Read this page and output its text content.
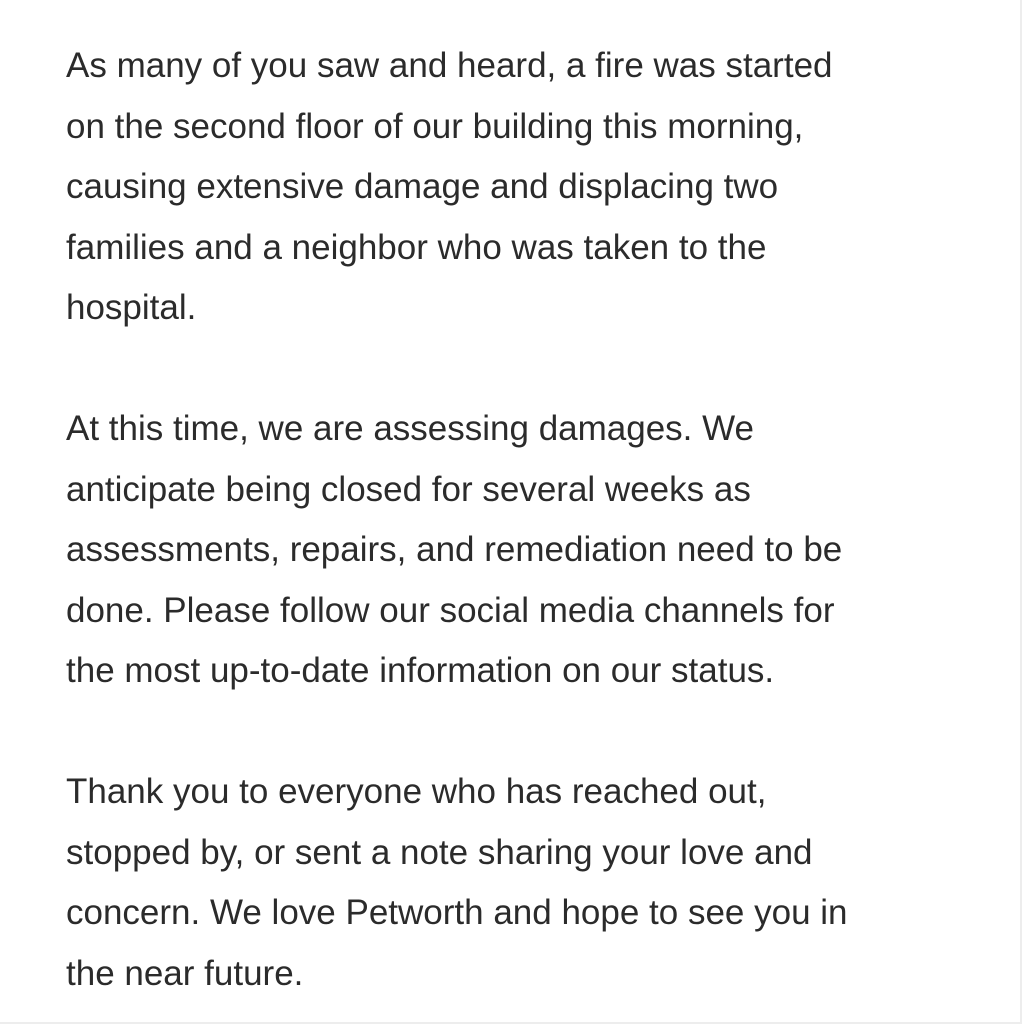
As many of you saw and heard, a fire was started
on the second floor of our building this morning,
causing extensive damage and displacing two
families and a neighbor who was taken to the
hospital.
At this time, we are assessing damages. We
anticipate being closed for several weeks as
assessments, repairs, and remediation need to be
done. Please follow our social media channels for
the most up-to-date information on our status.
Thank you to everyone who has reached out,
stopped by, or sent a note sharing your love and
concern. We love Petworth and hope to see you in
the near future.
